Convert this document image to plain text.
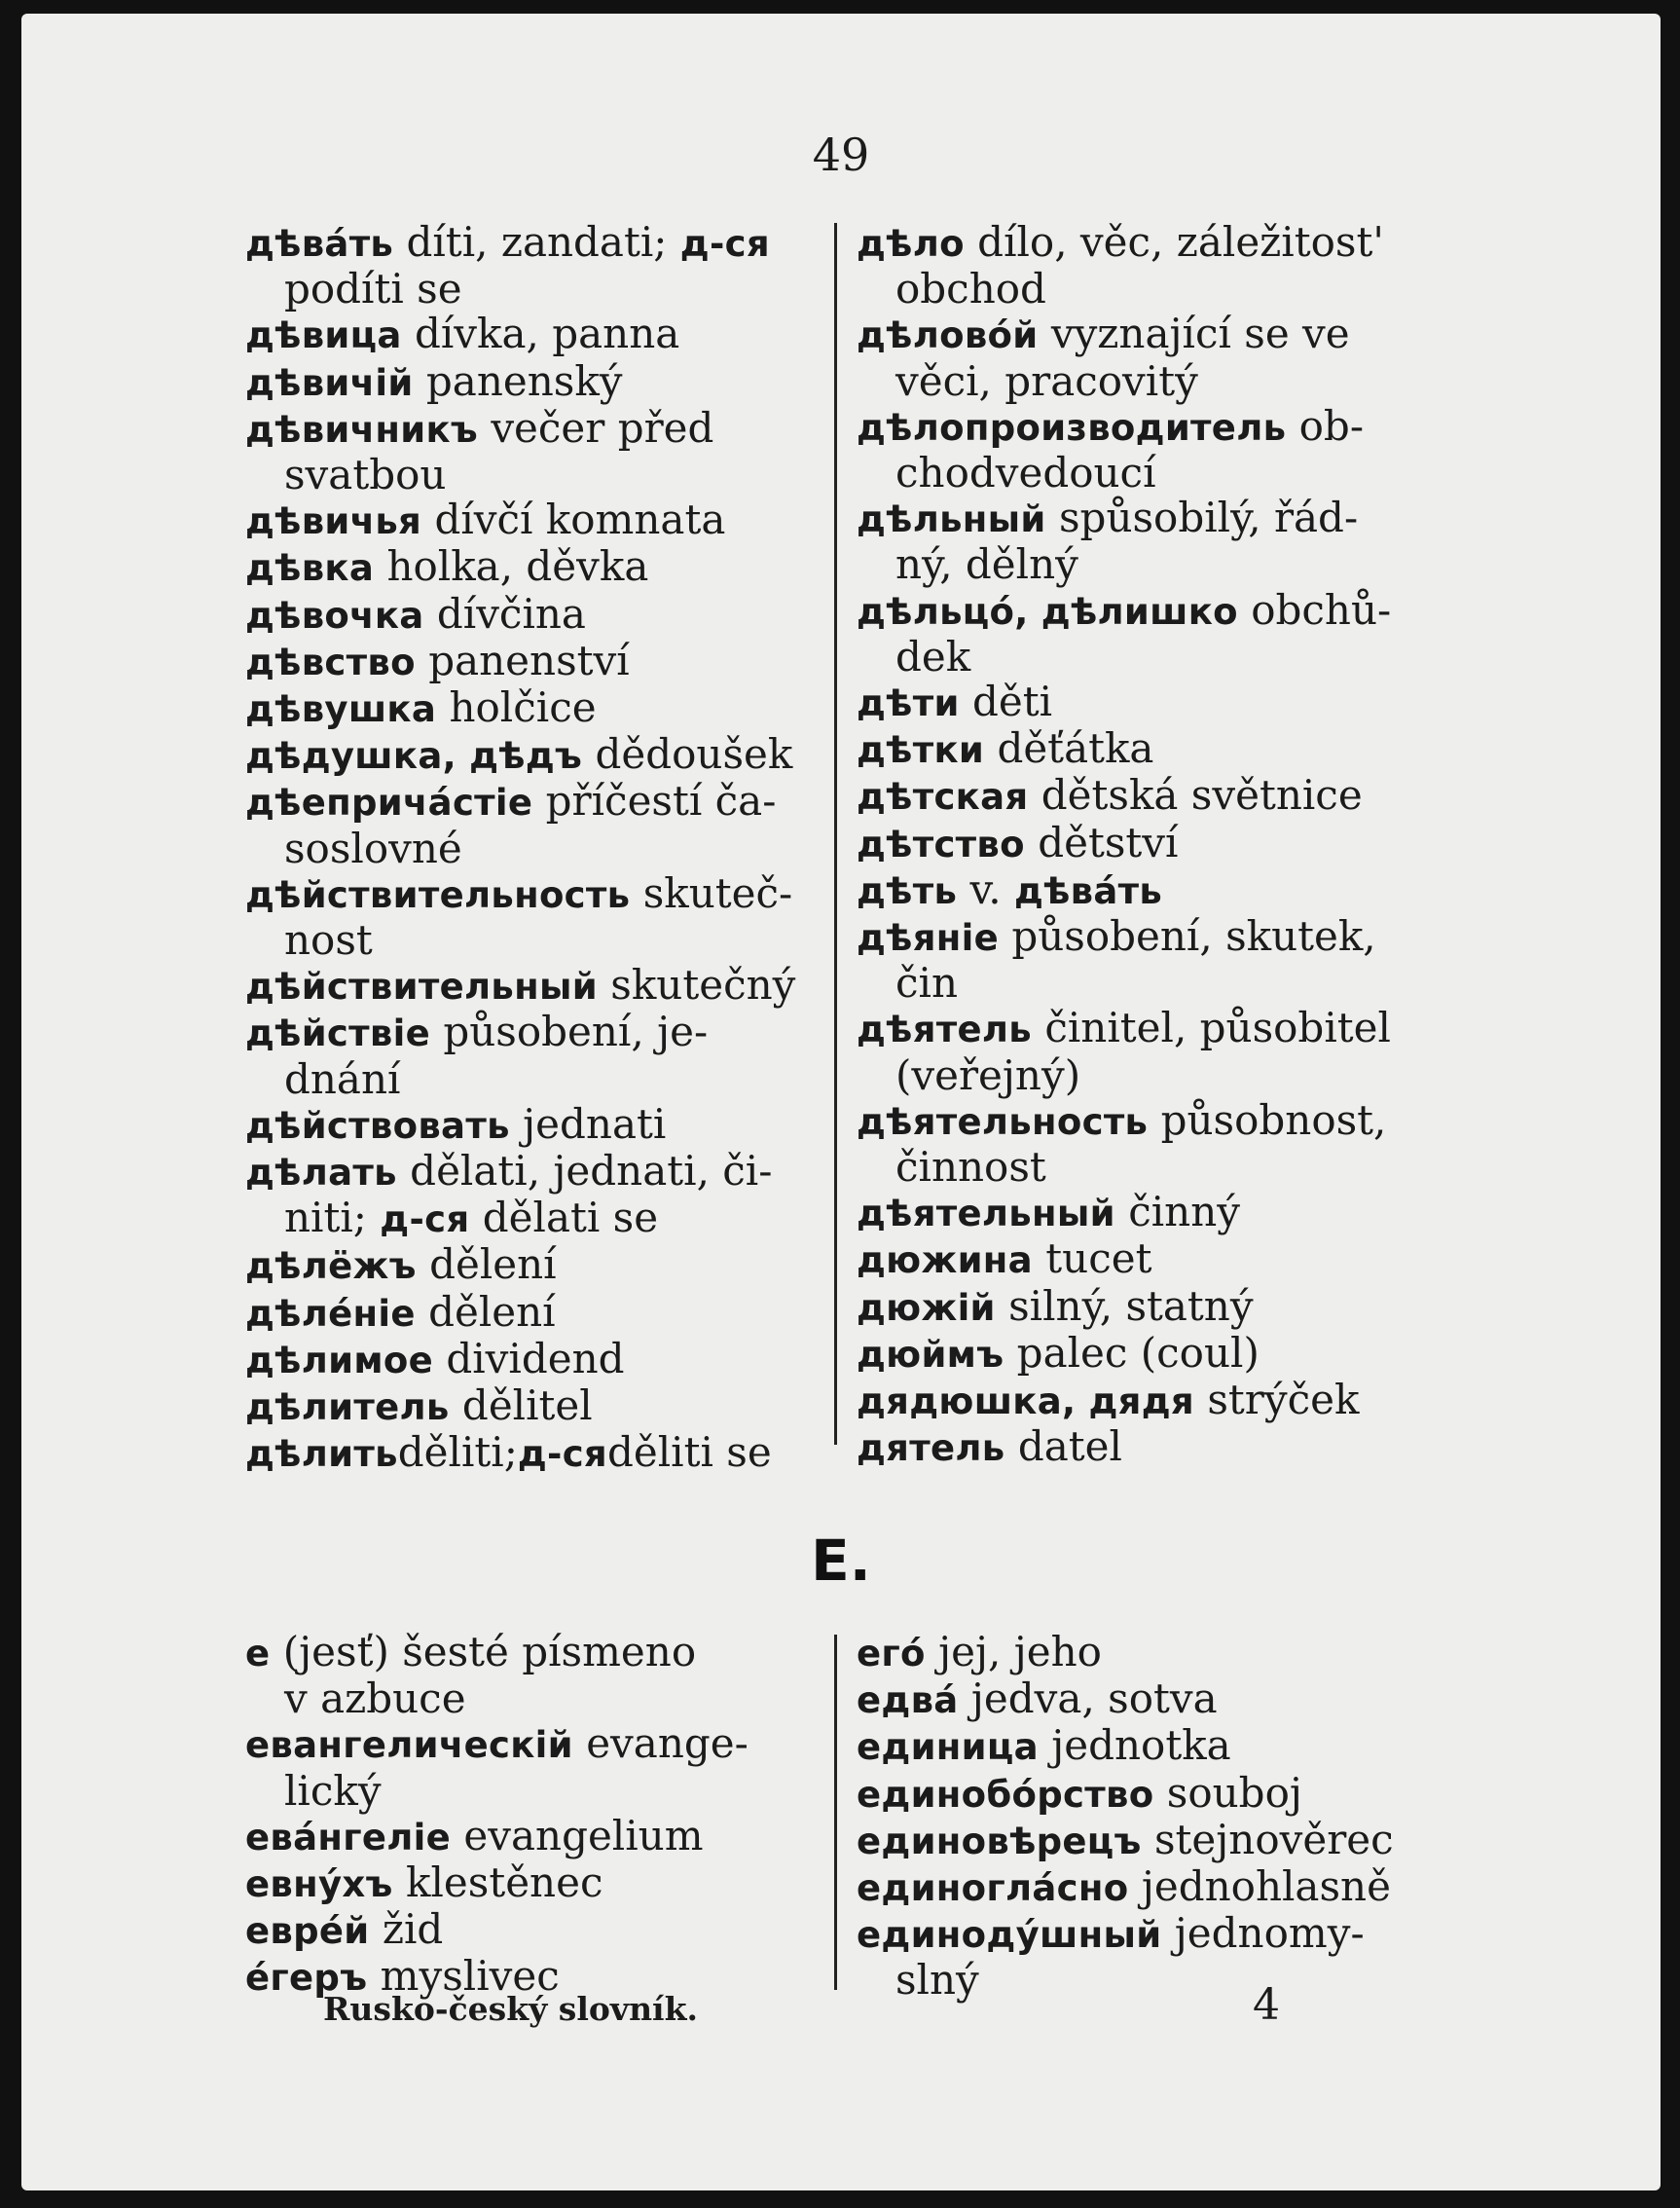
49
дѣвáть díti, zandati; д-ся
podíti se
дѣвица dívka, panna
дѣвичiй panenský
дѣвичникъ večer před
svatbou
дѣвичья dívčí komnata
дѣвка holka, děvka
дѣвочка dívčina
дѣвство panenství
дѣвушка holčice
дѣдушка, дѣдъ dědoušek
дѣепричáстiе příčestí ča-
soslovné
дѣйствительность skuteč-
nost
дѣйствительный skutečný
дѣйствiе působení, je-
dnání
дѣйствовать jednati
дѣлать dělati, jednati, či-
niti; д-ся dělati se
дѣлёжъ dělení
дѣлéнiе dělení
дѣлимое dividend
дѣлитель dělitel
дѣлитьděliti;д-сяděliti se
дѣло dílo, věc, záležitost'
obchod
дѣловóй vyznající se ve
věci, pracovitý
дѣлопроизводитель ob-
chodvedoucí
дѣльный spůsobilý, řád-
ný, dělný
дѣльцó, дѣлишко obchů-
dek
дѣти děti
дѣтки děťátka
дѣтская dětská světnice
дѣтство dětství
дѣть v. дѣвáть
дѣянiе působení, skutek,
čin
дѣятель činitel, působitel
(veřejný)
дѣятельность působnost,
činnost
дѣятельный činný
дюжина tucet
дюжiй silný, statný
дюймъ palec (coul)
дядюшка, дядя strýček
дятель datel
E.
е (jesť) šesté písmeno
v azbuce
евангелическiй evange-
lický
евáнгелiе evangelium
евнýхъ klestěnec
еврéй žid
éгеръ myslivec
егó jej, jeho
едвá jedva, sotva
единица jednotka
единобóрство souboj
единовѣрецъ stejnověrec
единоглáсно jednohlasně
единодýшный jednomy-
slný
Rusko-český slovník.	4
